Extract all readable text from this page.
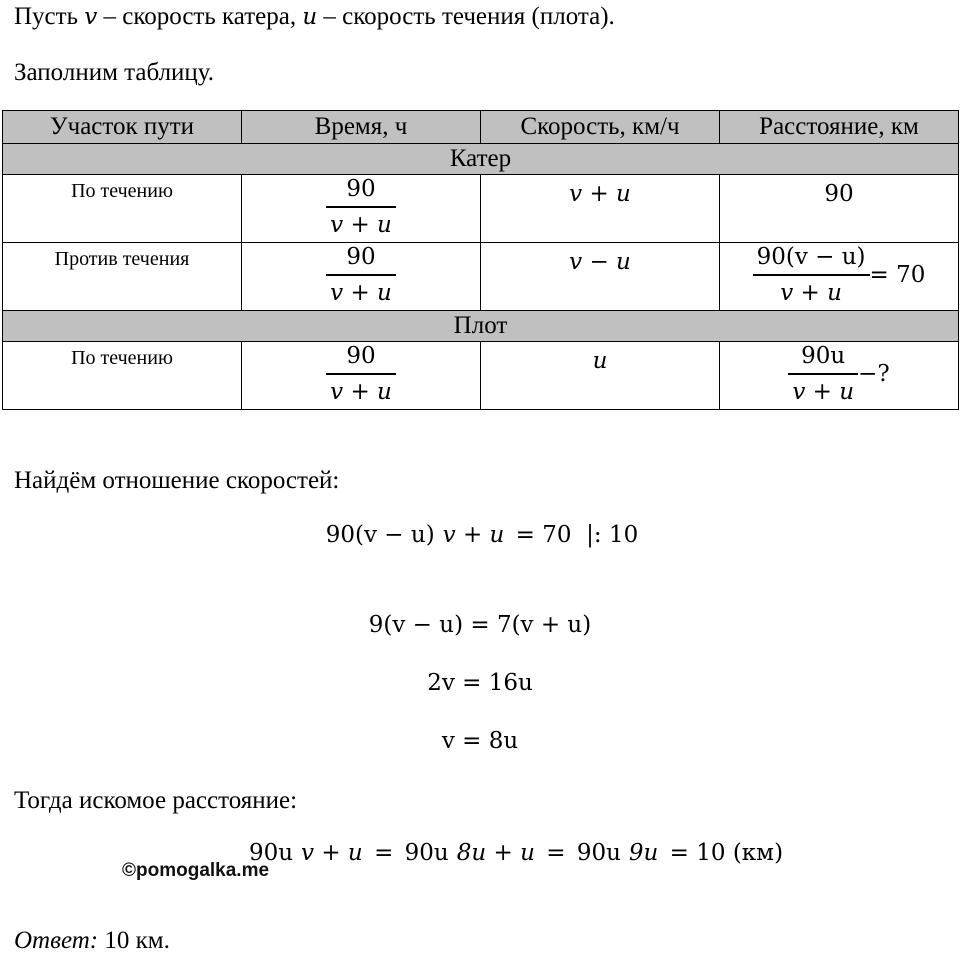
Пусть v – скорость катера, u – скорость течения (плота).
Заполним таблицу.
Участок пути	Время, ч	Скорость, км/ч	Расстояние, км
Катер			
По течению	$\frac{90}{v + u}$	v + u	90

Против течения	$\frac{90}{v + u}$	v − u	$\frac{90(v - u)}{v + u} = 70$

Плот			
По течению	$\frac{90}{v + u}$	u	$\frac{90u}{v + u}$ −?
Найдём отношение скоростей:
90(v − u) v + u = 70  |: 10
9(v − u) = 7(v + u)
2v = 16u
v = 8u
Тогда искомое расстояние:
90u v + u = 90u 8u + u = 90u 9u = 10 (км)
©pomogalka.me
Ответ: 10 км.
